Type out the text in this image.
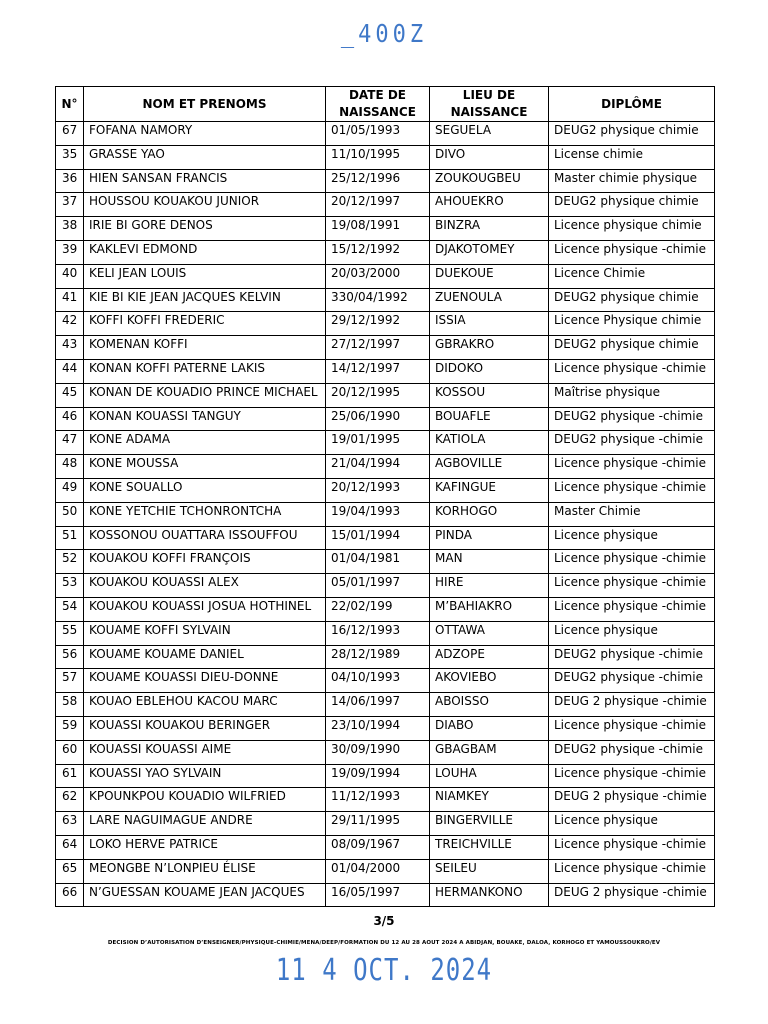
_400Z
N°	NOM ET PRENOMS	DATE DE NAISSANCE	LIEU DE NAISSANCE	DIPLÔME
67	FOFANA NAMORY	01/05/1993	SEGUELA	DEUG2 physique chimie
35	GRASSE YAO	11/10/1995	DIVO	License chimie
36	HIEN SANSAN FRANCIS	25/12/1996	ZOUKOUGBEU	Master chimie physique
37	HOUSSOU KOUAKOU JUNIOR	20/12/1997	AHOUEKRO	DEUG2 physique chimie
38	IRIE BI GORE DENOS	19/08/1991	BINZRA	Licence physique chimie
39	KAKLEVI EDMOND	15/12/1992	DJAKOTOMEY	Licence physique -chimie
40	KELI JEAN LOUIS	20/03/2000	DUEKOUE	Licence Chimie
41	KIE BI KIE JEAN JACQUES KELVIN	330/04/1992	ZUENOULA	DEUG2 physique chimie
42	KOFFI KOFFI FREDERIC	29/12/1992	ISSIA	Licence Physique chimie
43	KOMENAN KOFFI	27/12/1997	GBRAKRO	DEUG2 physique chimie
44	KONAN KOFFI PATERNE LAKIS	14/12/1997	DIDOKO	Licence physique -chimie
45	KONAN DE KOUADIO PRINCE MICHAEL	20/12/1995	KOSSOU	Maîtrise physique
46	KONAN KOUASSI TANGUY	25/06/1990	BOUAFLE	DEUG2 physique -chimie
47	KONE ADAMA	19/01/1995	KATIOLA	DEUG2 physique -chimie
48	KONE MOUSSA	21/04/1994	AGBOVILLE	Licence physique -chimie
49	KONE SOUALLO	20/12/1993	KAFINGUE	Licence physique -chimie
50	KONE YETCHIE TCHONRONTCHA	19/04/1993	KORHOGO	Master Chimie
51	KOSSONOU OUATTARA ISSOUFFOU	15/01/1994	PINDA	Licence physique
52	KOUAKOU KOFFI FRANÇOIS	01/04/1981	MAN	Licence physique -chimie
53	KOUAKOU KOUASSI ALEX	05/01/1997	HIRE	Licence physique -chimie
54	KOUAKOU KOUASSI JOSUA HOTHINEL	22/02/199	M’BAHIAKRO	Licence physique -chimie
55	KOUAME KOFFI SYLVAIN	16/12/1993	OTTAWA	Licence physique
56	KOUAME KOUAME DANIEL	28/12/1989	ADZOPE	DEUG2 physique -chimie
57	KOUAME KOUASSI DIEU-DONNE	04/10/1993	AKOVIEBO	DEUG2 physique -chimie
58	KOUAO EBLEHOU KACOU MARC	14/06/1997	ABOISSO	DEUG 2 physique -chimie
59	KOUASSI KOUAKOU BERINGER	23/10/1994	DIABO	Licence physique -chimie
60	KOUASSI KOUASSI AIME	30/09/1990	GBAGBAM	DEUG2 physique -chimie
61	KOUASSI YAO SYLVAIN	19/09/1994	LOUHA	Licence physique -chimie
62	KPOUNKPOU KOUADIO WILFRIED	11/12/1993	NIAMKEY	DEUG 2 physique -chimie
63	LARE NAGUIMAGUE ANDRE	29/11/1995	BINGERVILLE	Licence physique
64	LOKO HERVE PATRICE	08/09/1967	TREICHVILLE	Licence physique -chimie
65	MEONGBE N’LONPIEU ÉLISE	01/04/2000	SEILEU	Licence physique -chimie
66	N’GUESSAN KOUAME JEAN JACQUES	16/05/1997	HERMANKONO	DEUG 2 physique -chimie
3/5
DECISION D’AUTORISATION D’ENSEIGNER/PHYSIQUE-CHIMIE/MENA/DEEP/FORMATION DU 12 AU 28 AOUT 2024 A ABIDJAN, BOUAKE, DALOA, KORHOGO ET YAMOUSSOUKRO/EV
11 4 OCT. 2024
